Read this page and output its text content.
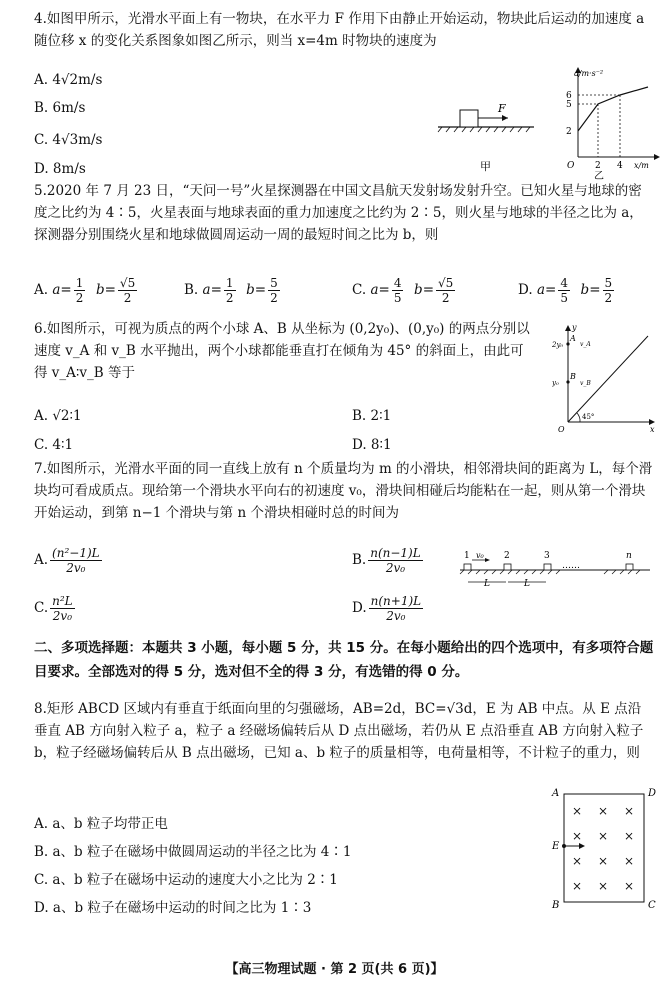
4.如图甲所示，光滑水平面上有一物块，在水平力 F 作用下由静止开始运动，物块此后运动的加速度 a 随位移 x 的变化关系图象如图乙所示，则当 x=4m 时物块的速度为
A. 4√2m/s
B. 6m/s
C. 4√3m/s
D. 8m/s
F
甲
a/m·s⁻²
6
5
2
O 2 4 x/m
乙
5.2020 年 7 月 23 日，“天问一号”火星探测器在中国文昌航天发射场发射升空。已知火星与地球的密度之比约为 4∶5，火星表面与地球表面的重力加速度之比约为 2∶5，则火星与地球的半径之比为 a，探测器分别围绕火星和地球做圆周运动一周的最短时间之比为 b，则
A. $a= \frac{1}{2} b= \frac{√5}{2}$	B. $a= \frac{1}{2} b= \frac{5}{2}$	C. $a= \frac{4}{5} b= \frac{√5}{2}$	D. $a= \frac{4}{5} b= \frac{5}{2}$
6.如图所示，可视为质点的两个小球 A、B 从坐标为 (0,2y₀)、(0,y₀) 的两点分别以速度 v_A 和 v_B 水平抛出，两个小球都能垂直打在倾角为 45° 的斜面上，由此可得 v_A∶v_B 等于
A. √2∶1	B. 2∶1
C. 4∶1	D. 8∶1
y
2y₀
y₀
A
v_A
B
v_B
45°
O	x
7.如图所示，光滑水平面的同一直线上放有 n 个质量均为 m 的小滑块，相邻滑块间的距离为 L，每个滑块均可看成质点。现给第一个滑块水平向右的初速度 v₀，滑块间相碰后均能粘在一起，则从第一个滑块开始运动，到第 n−1 个滑块与第 n 个滑块相碰时总的时间为
A. $\frac{\text{(n²−1)L}}{\text{2v₀}}$	B. $\frac{n(n-1)L}{\text{2v₀}}$
C. $\frac{\text{n²L}}{\text{2v₀}}$	D. $\frac{n(n+1)L}{\text{2v₀}}$
1 v₀ 2	3	n
L	L
……
二、多项选择题：本题共 3 小题，每小题 5 分，共 15 分。在每小题给出的四个选项中，有多项符合题目要求。全部选对的得 5 分，选对但不全的得 3 分，有选错的得 0 分。
8.矩形 ABCD 区域内有垂直于纸面向里的匀强磁场，AB=2d，BC=√3d，E 为 AB 中点。从 E 点沿垂直 AB 方向射入粒子 a，粒子 a 经磁场偏转后从 D 点出磁场，若仍从 E 点沿垂直 AB 方向射入粒子 b，粒子经磁场偏转后从 B 点出磁场，已知 a、b 粒子的质量相等，电荷量相等，不计粒子的重力，则
A. a、b 粒子均带正电
B. a、b 粒子在磁场中做圆周运动的半径之比为 4∶1
C. a、b 粒子在磁场中运动的速度大小之比为 2∶1
D. a、b 粒子在磁场中运动的时间之比为 1∶3
× × ×
× × ×
× × ×
× × ×
A	D
E
B	C
【高三物理试题 · 第 2 页(共 6 页)】
